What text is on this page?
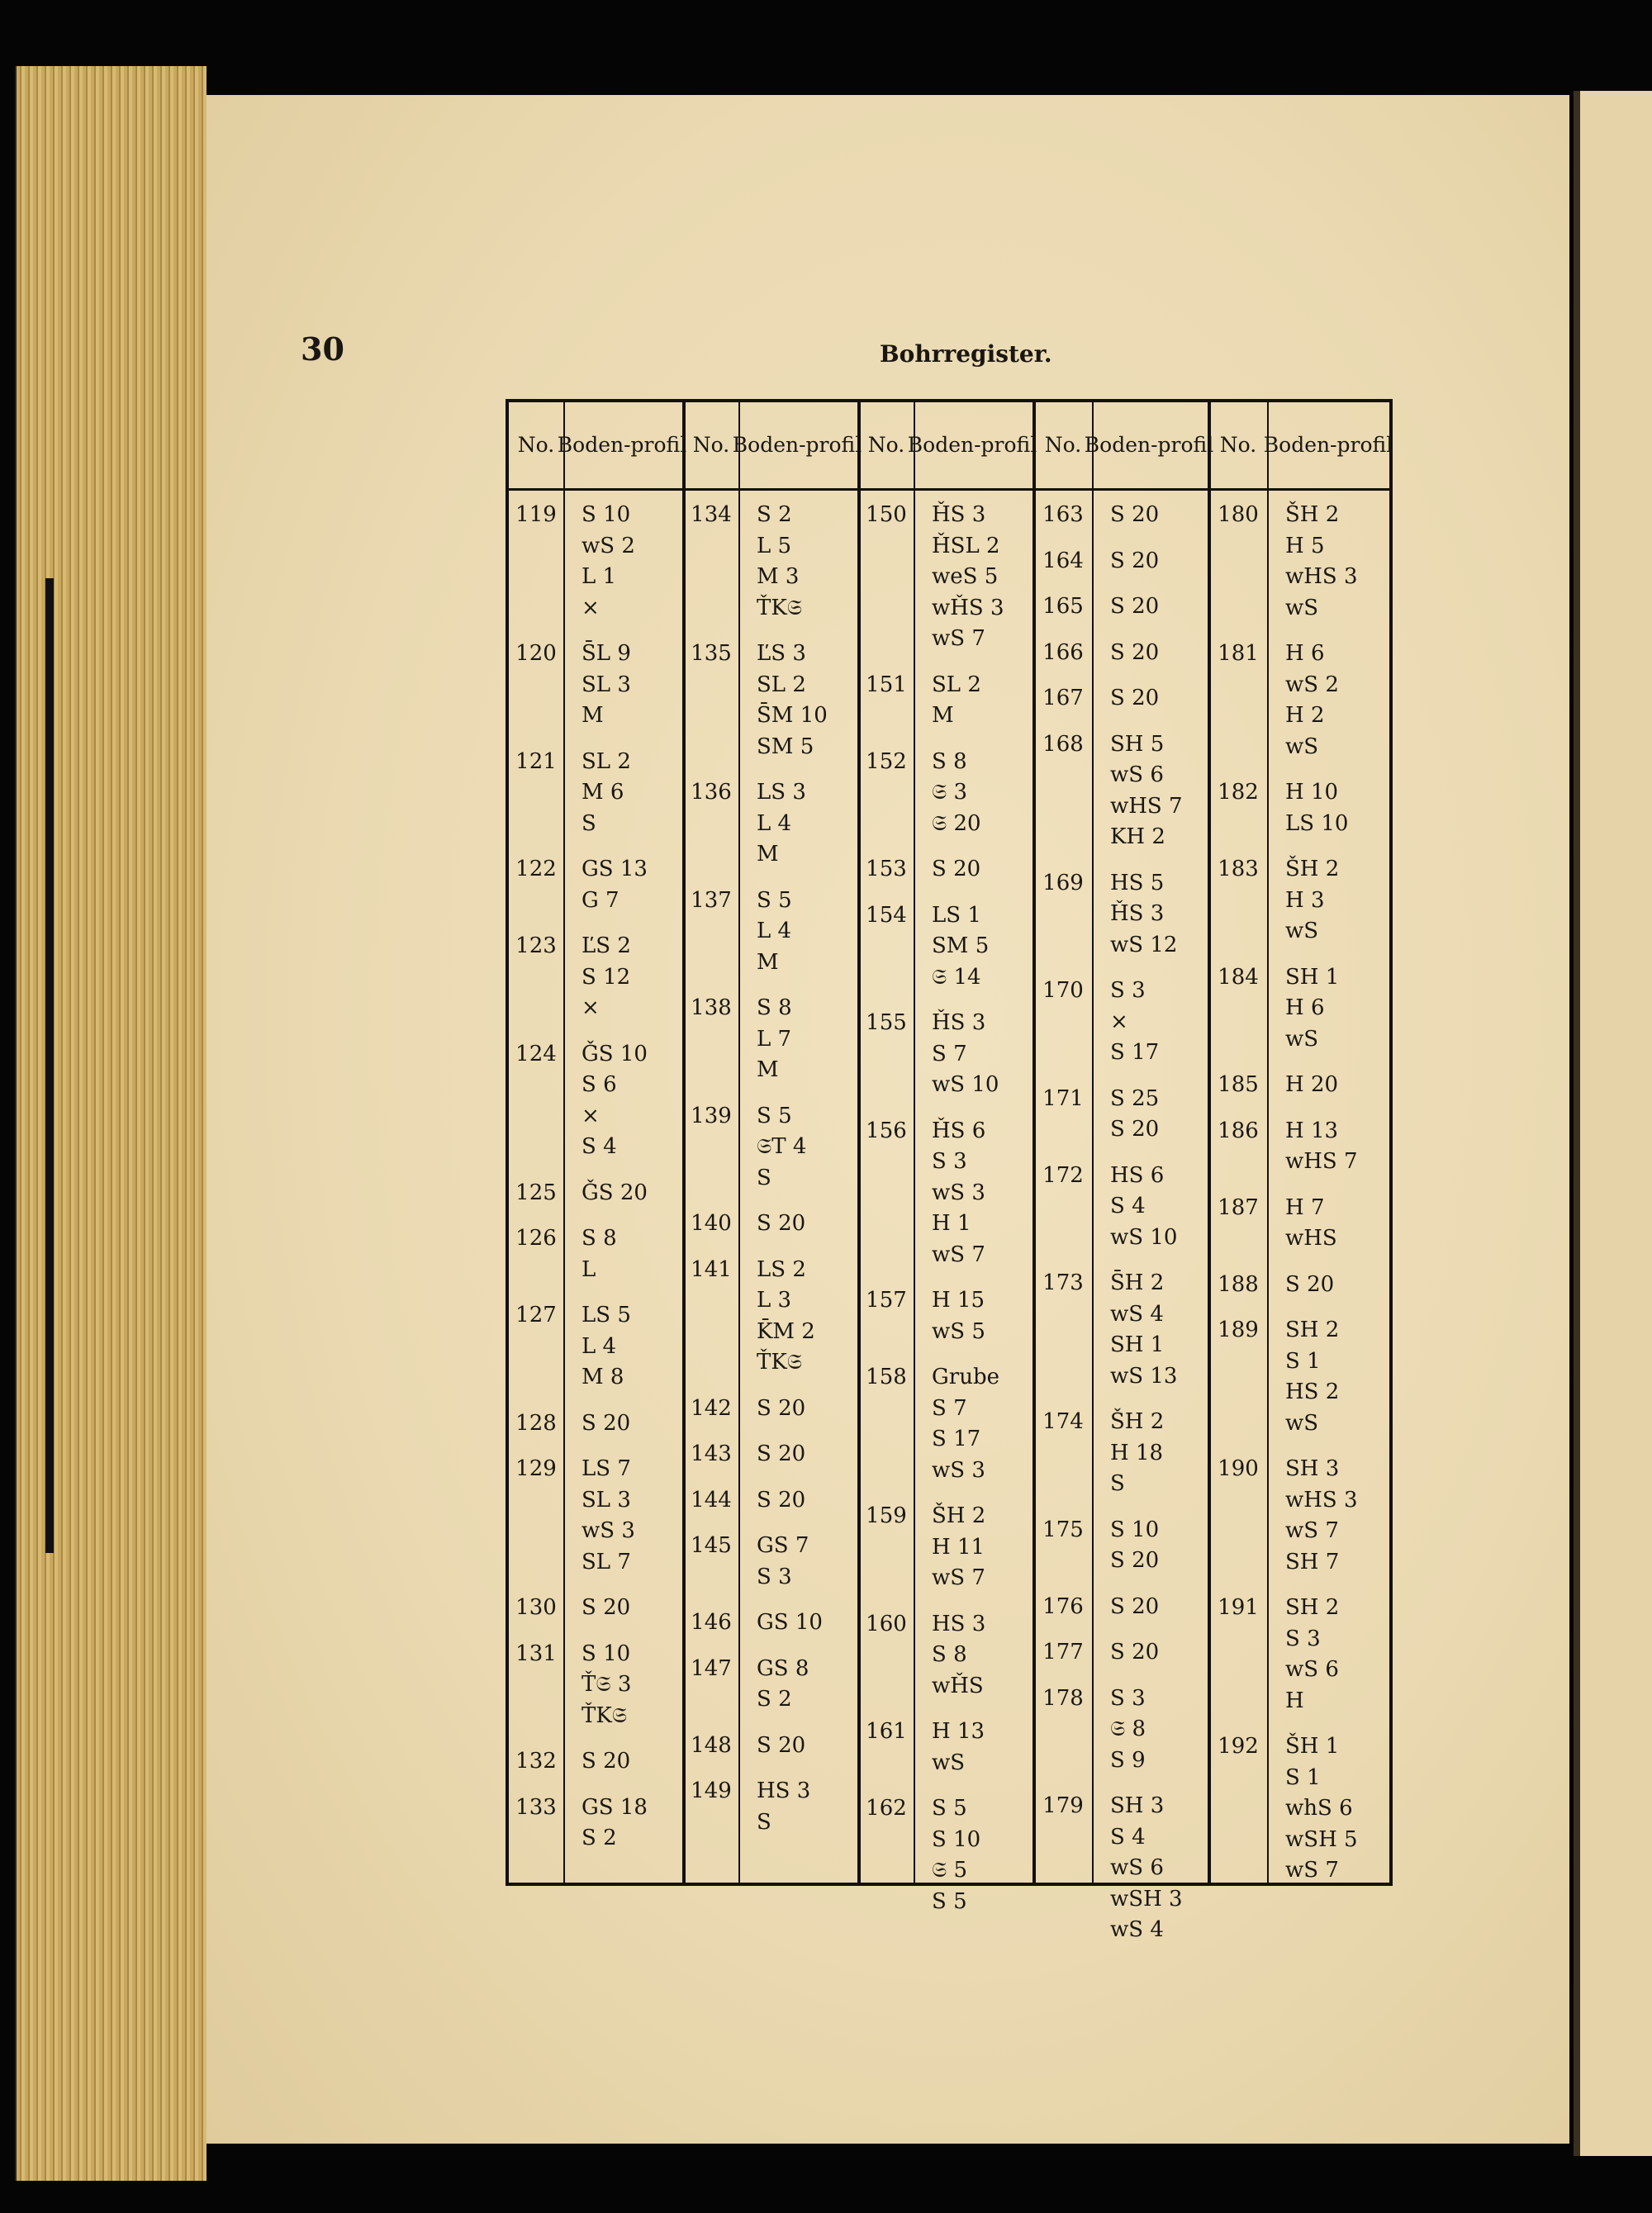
30	Bohrregister.
No. Boden- profil
119	S 10
wS 2
L 1
×
120	S̄L 9
SL 3
M
121	SL 2
M 6
S
122	GS 13
G 7
123	ĽS 2
S 12
×
124	ǦS 10
S 6
×
S 4
125	ǦS 20
126	S 8
L
127	LS 5
L 4
M 8
128	S 20
129	LS 7
SL 3
wS 3
SL 7
130	S 20
131	S 10
Ť𝔖 3
ŤK𝔖
132	S 20
133	GS 18
S 2
No. Boden- profil
134	S 2
L 5
M 3
ŤK𝔖
135	ĽS 3
SL 2
S̄M 10
SM 5
136	LS 3
L 4
M
137	S 5
L 4
M
138	S 8
L 7
M
139	S 5
𝔖T 4
S
140	S 20
141	LS 2
L 3
K̄M 2
ŤK𝔖
142	S 20
143	S 20
144	S 20
145	GS 7
S 3
146	GS 10
147	GS 8
S 2
148	S 20
149	HS 3
S
No. Boden- profil
150	ȞS 3
ȞSL 2
weS 5
wȞS 3
wS 7
151	SL 2
M
152	S 8
𝔖 3
𝔖 20
153	S 20
154	LS 1
SM 5
𝔖 14
155	ȞS 3
S 7
wS 10
156	ȞS 6
S 3
wS 3
H 1
wS 7
157	H 15
wS 5
158	Grube
S 7
S 17
wS 3
159	ŠH 2
H 11
wS 7
160	HS 3
S 8
wȞS
161	H 13
wS
162	S 5
S 10
𝔖 5
S 5
No. Boden- profil
163	S 20
164	S 20
165	S 20
166	S 20
167	S 20
168	SH 5
wS 6
wHS 7
KH 2
169	HS 5
ȞS 3
wS 12
170	S 3
×
S 17
171	S 25
S 20
172	HS 6
S 4
wS 10
173	S̄H 2
wS 4
SH 1
wS 13
174	ŠH 2
H 18
S
175	S 10
S 20
176	S 20
177	S 20
178	S 3
𝔖 8
S 9
179	SH 3
S 4
wS 6
wSH 3
wS 4
No. Boden- profil
180	ŠH 2
H 5
wHS 3
wS
181	H 6
wS 2
H 2
wS
182	H 10
LS 10
183	ŠH 2
H 3
wS
184	SH 1
H 6
wS
185	H 20
186	H 13
wHS 7
187	H 7
wHS
188	S 20
189	SH 2
S 1
HS 2
wS
190	SH 3
wHS 3
wS 7
SH 7
191	SH 2
S 3
wS 6
H
192	ŠH 1
S 1
whS 6
wSH 5
wS 7
